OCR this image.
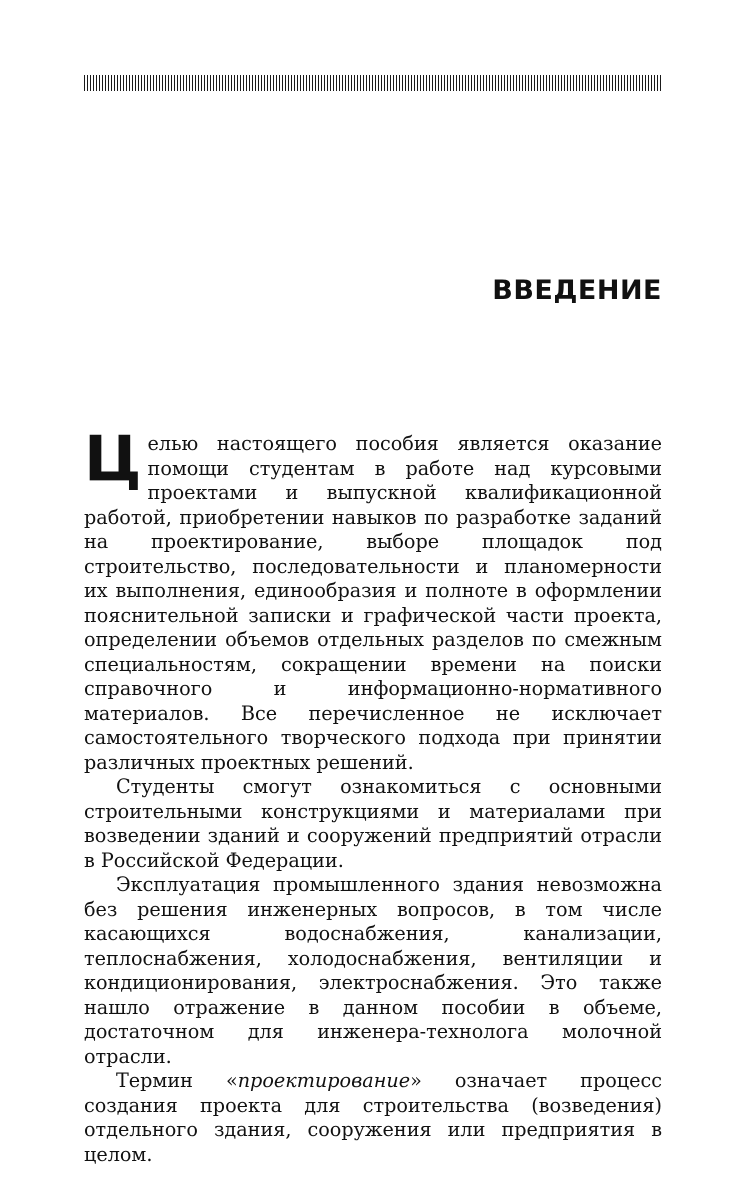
ВВЕДЕНИЕ

Целью настоящего пособия является оказание помощи студентам в работе над курсовыми проектами и выпускной квалификационной работой, приобретении навыков по разработке заданий на проектирование, выборе площадок под строительство, последовательности и планомерности их выполнения, единообразия и полноте в оформлении пояснительной записки и графической части проекта, определении объемов отдельных разделов по смежным специальностям, сокращении времени на поиски справочного и информационно-нормативного материалов. Все перечисленное не исключает самостоятельного творческого подхода при принятии различных проектных решений.

Студенты смогут ознакомиться с основными строительными конструкциями и материалами при возведении зданий и сооружений предприятий отрасли в Российской Федерации.

Эксплуатация промышленного здания невозможна без решения инженерных вопросов, в том числе касающихся водоснабжения, канализации, теплоснабжения, холодоснабжения, вентиляции и кондиционирования, электроснабжения. Это также нашло отражение в данном пособии в объеме, достаточном для инженера-технолога молочной отрасли.

Термин «проектирование» означает процесс создания проекта для строительства (возведения) отдельного здания, сооружения или предприятия в целом.
